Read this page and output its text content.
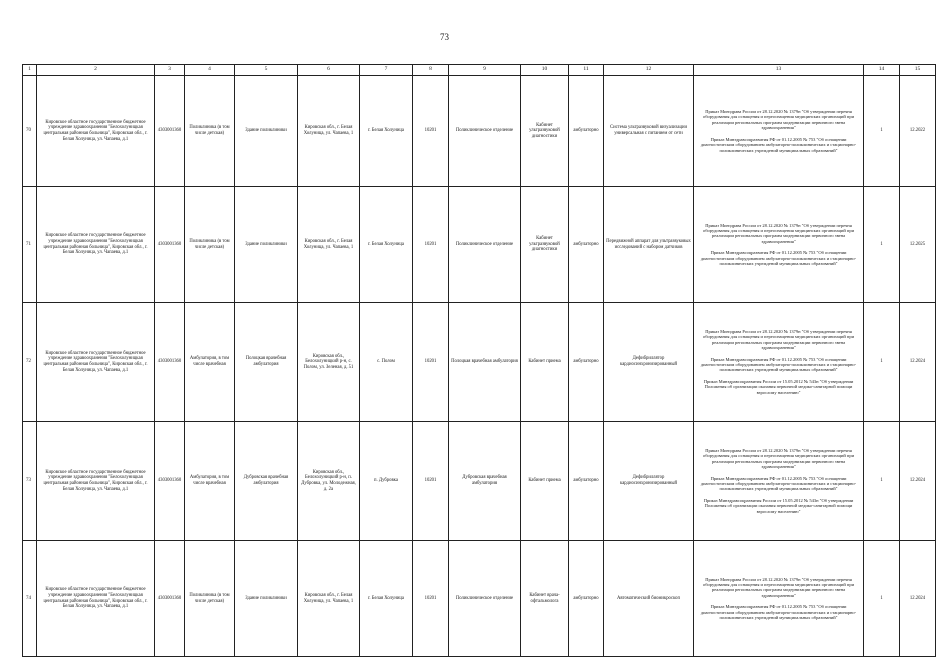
73
1	2	3	4	5	6	7	8	9	10	11	12	13	14	15
70	Кировское областное государственное бюджетное учреждение здравоохранения "Белохолуницкая центральная районная больница", Кировская обл., г. Белая Холуница, ул. Чапаева, д.1	4303001360	Поликлиника (в том числе детская)	Здание поликлиники	Кировская обл., г. Белая Холуница, ул. Чапаева, 1	г. Белая Холуница	10201	Поликлиническое отделение	Кабинет ультразвуковой диагностики	амбулаторно	Система ультразвуковой визуализации универсальная с питанием от сети	Приказ Минздрава России от 28.12.2020 № 1379н "Об утверждении перечня оборудования для оснащения и переоснащения медицинских организаций при реализации региональных программ модернизации первичного звена здравоохранения"

Приказ Минздравсоцразвития РФ от 01.12.2005 № 753 "Об оснащении диагностическим оборудованием амбулаторно-поликлинических и стационарно-поликлинических учреждений муниципальных образований"	1	12.2022
71	Кировское областное государственное бюджетное учреждение здравоохранения "Белохолуницкая центральная районная больница", Кировская обл., г. Белая Холуница, ул. Чапаева, д.1	4303001360	Поликлиника (в том числе детская)	Здание поликлиники	Кировская обл., г. Белая Холуница, ул. Чапаева, 1	г. Белая Холуница	10201	Поликлиническое отделение	Кабинет ультразвуковой диагностики	амбулаторно	Передвижной аппарат для ультразвуковых исследований с набором датчиков	Приказ Минздрава России от 28.12.2020 № 1379н "Об утверждении перечня оборудования для оснащения и переоснащения медицинских организаций при реализации региональных программ модернизации первичного звена здравоохранения"

Приказ Минздравсоцразвития РФ от 01.12.2005 № 753 "Об оснащении диагностическим оборудованием амбулаторно-поликлинических и стационарно-поликлинических учреждений муниципальных образований"	1	12.2025
72	Кировское областное государственное бюджетное учреждение здравоохранения "Белохолуницкая центральная районная больница", Кировская обл., г. Белая Холуница, ул. Чапаева, д.1	4303001360	Амбулатория, в том числе врачебная	Полоцкая врачебная амбулатория	Кировская обл., Белохолуницкий р-н, с. Полом, ул. Зеленая, д. 51	с. Полом	10201	Полоцкая врачебная амбулатория	Кабинет приема	амбулаторно	Дефибриллятор кардиосинхронизированный	Приказ Минздрава России от 28.12.2020 № 1379н "Об утверждении перечня оборудования для оснащения и переоснащения медицинских организаций при реализации региональных программ модернизации первичного звена здравоохранения"

Приказ Минздравсоцразвития РФ от 01.12.2005 № 753 "Об оснащении диагностическим оборудованием амбулаторно-поликлинических и стационарно-поликлинических учреждений муниципальных образований"

Приказ Минздравсоцразвития России от 15.05.2012 № 543н "Об утверждении Положения об организации оказания первичной медико-санитарной помощи взрослому населению"	1	12.2024
73	Кировское областное государственное бюджетное учреждение здравоохранения "Белохолуницкая центральная районная больница", Кировская обл., г. Белая Холуница, ул. Чапаева, д.1	4303001360	Амбулатория, в том числе врачебная	Дубровская врачебная амбулатория	Кировская обл., Белохолуницкий р-н, п. Дубровка, ул. Молодежная, д. 2а	п. Дубровка	10201	Дубровская врачебная амбулатория	Кабинет приема	амбулаторно	Дефибриллятор кардиосинхронизированный	Приказ Минздрава России от 28.12.2020 № 1379н "Об утверждении перечня оборудования для оснащения и переоснащения медицинских организаций при реализации региональных программ модернизации первичного звена здравоохранения"

Приказ Минздравсоцразвития РФ от 01.12.2005 № 753 "Об оснащении диагностическим оборудованием амбулаторно-поликлинических и стационарно-поликлинических учреждений муниципальных образований"

Приказ Минздравсоцразвития России от 15.05.2012 № 543н "Об утверждении Положения об организации оказания первичной медико-санитарной помощи взрослому населению"	1	12.2024
74	Кировское областное государственное бюджетное учреждение здравоохранения "Белохолуницкая центральная районная больница", Кировская обл., г. Белая Холуница, ул. Чапаева, д.1	4303001360	Поликлиника (в том числе детская)	Здание поликлиники	Кировская обл., г. Белая Холуница, ул. Чапаева, 1	г. Белая Холуница	10201	Поликлиническое отделение	Кабинет врача-офтальмолога	амбулаторно	Автоматический биомикроскоп	Приказ Минздрава России от 28.12.2020 № 1379н "Об утверждении перечня оборудования для оснащения и переоснащения медицинских организаций при реализации региональных программ модернизации первичного звена здравоохранения"

Приказ Минздравсоцразвития РФ от 01.12.2005 № 753 "Об оснащении диагностическим оборудованием амбулаторно-поликлинических и стационарно-поликлинических учреждений муниципальных образований"	1	12.2024
